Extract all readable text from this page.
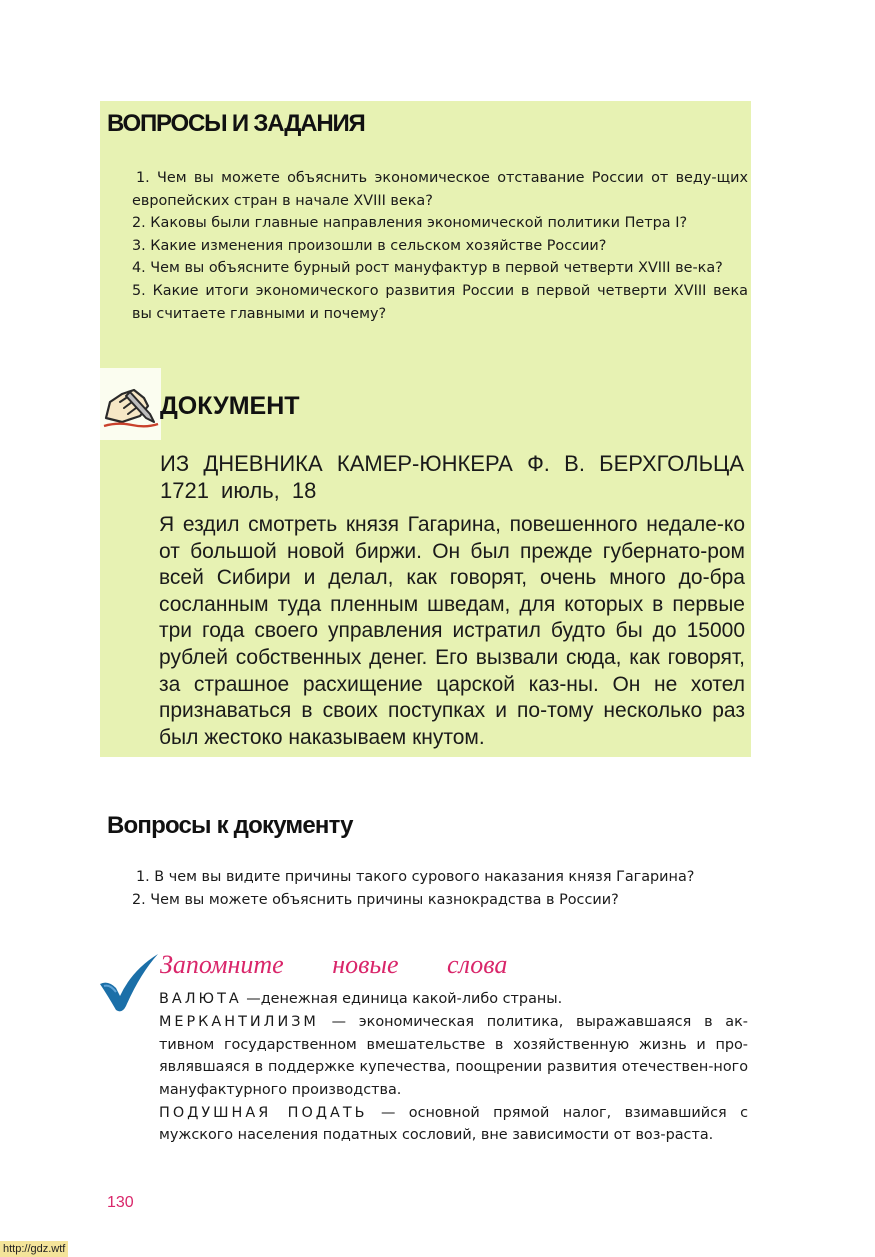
ВОПРОСЫ И ЗАДАНИЯ
1. Чем вы можете объяснить экономическое отставание России от веду-щих европейских стран в начале XVIII века?
2. Каковы были главные направления экономической политики Петра I?
3. Какие изменения произошли в сельском хозяйстве России?
4. Чем вы объясните бурный рост мануфактур в первой четверти XVIII ве-ка?
5. Какие итоги экономического развития России в первой четверти XVIII века вы считаете главными и почему?
ДОКУМЕНТ
ИЗ ДНЕВНИКА КАМЕР-ЮНКЕРА Ф. В. БЕРХГОЛЬЦА
1721 июль, 18

Я ездил смотреть князя Гагарина, повешенного недале-ко от большой новой биржи. Он был прежде губернато-ром всей Сибири и делал, как говорят, очень много до-бра сосланным туда пленным шведам, для которых в первые три года своего управления истратил будто бы до 15000 рублей собственных денег. Его вызвали сюда, как говорят, за страшное расхищение царской каз-ны. Он не хотел признаваться в своих поступках и по-тому несколько раз был жестоко наказываем кнутом.

Вопросы к документу
1. В чем вы видите причины такого сурового наказания князя Гагарина?
2. Чем вы можете объяснить причины казнокрадства в России?
Запомните новые слова

ВАЛЮТА —денежная единица какой-либо страны.

МЕРКАНТИЛИЗМ — экономическая политика, выражавшаяся в ак-тивном государственном вмешательстве в хозяйственную жизнь и про-являвшаяся в поддержке купечества, поощрении развития отечествен-ного мануфактурного производства.

ПОДУШНАЯ ПОДАТЬ — основной прямой налог, взимавшийся с мужского населения податных сословий, вне зависимости от воз-раста.

130
http://gdz.wtf
